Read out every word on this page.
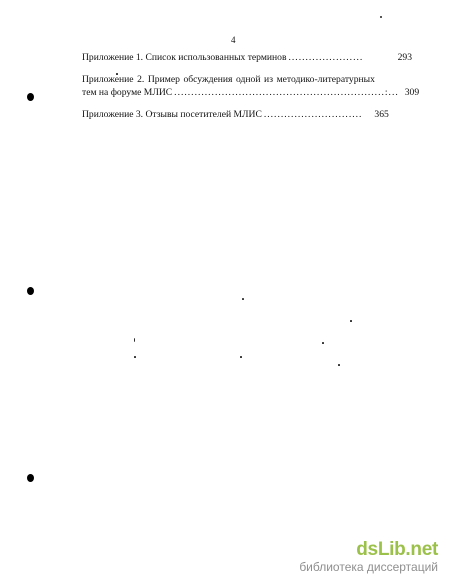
4
Приложение 1. Список использованных терминов ......................	293
Приложение 2. Пример обсуждения одной из методико-литературных
тем на форуме МЛИС ..............................................................:... 309
Приложение 3. Отзывы посетителей МЛИС ............................. 365
dsLib.net
библиотека диссертаций
